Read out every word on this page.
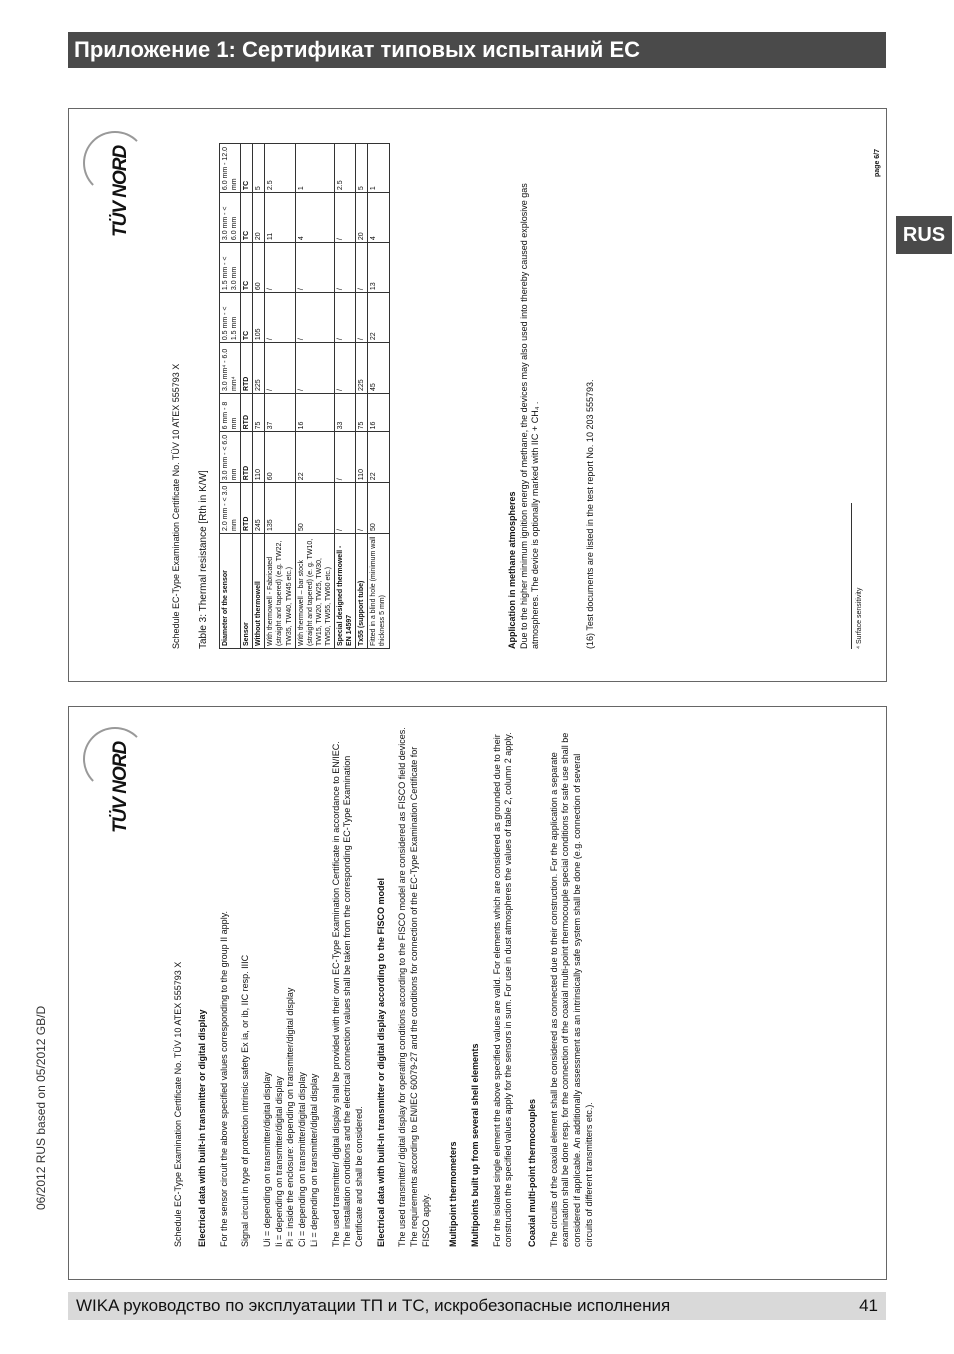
Приложение 1: Сертификат типовых испытаний ЕС
RUS
06/2012 RUS based on 05/2012 GB/D
TÜV NORD
Schedule EC-Type Examination Certificate No. TÜV 10 ATEX 555793 X Table 3: Thermal resistance [Rth in K/W] Diameter of the sensor	2.0 mm - < 3.0 mm	3.0 mm - < 6.0 mm	6 mm - 8 mm	3.0 mm⁴ - 6.0 mm⁴	0.5 mm - < 1.5 mm	1.5 mm - < 3.0 mm	3.0 mm - < 6.0 mm	6.0 mm - 12.0 mm
Sensor	RTD	RTD	RTD	RTD	TC	TC	TC	TC
Without thermowell	245	110	75	225	105	60	20	5
With thermowell - Fabricated (straight and tapered) (e.g. TW22, TW35, TW40, TW45 etc.)	135	60	37	/	/	/	11	2.5
With thermowell – bar stock (straight and tapered) (e. g. TW10, TW15, TW20, TW25, TW30, TW50, TW55, TW60 etc.)	50	22	16	/	/	/	4	1
Special designed thermowell - EN 14597	/	/	33	/	/	/	/	2.5
Tx55 (support tube)	/	110	75	225	/	/	20	5
Fitted in a blind hole (minimum wall thickness 5 mm)	50	22	16	45	22	13	4	1
Application in methane atmospheres Due to the higher minimum ignition energy of methane, the devices may also used into thereby caused explosive gas atmospheres. The device is optionally marked with IIC + CH₄ .	(16) Test documents are listed in the test report No. 10 203 555793.	⁴ Surface sensitivity
page 6/7
TÜV NORD
Schedule EC-Type Examination Certificate No. TÜV 10 ATEX 555793 X Electrical data with built-in transmitter or digital display For the sensor circuit the above specified values corresponding to the group II apply. Signal circuit in type of protection intrinsic safety Ex ia, or ib, IIC resp. IIIC Ui = depending on transmitter/digital display Ii = depending on transmitter/digital display Pi = inside the enclosure: depending on transmitter/digital display Ci = depending on transmitter/digital display Li = depending on transmitter/digital display The used transmitter/ digital display shall be provided with their own EC-Type Examination Certificate in accordance to EN/IEC. The installation conditions and the electrical connection values shall be taken from the corresponding EC-Type Examination Certificate and shall be considered. Electrical data with built-in transmitter or digital display according to the FISCO model The used transmitter/ digital display for operating conditions according to the FISCO model are considered as FISCO field devices. The requirements according to EN/IEC 60079-27 and the conditions for connection of the EC-Type Examination Certificate for FISCO apply. Multipoint thermometers Multipoints built up from several shell elements For the isolated single element the above specified values are valid. For elements which are considered as grounded due to their construction the specified values apply for the sensors in sum. For use in dust atmospheres the values of table 2, column 2 apply. Coaxial multi-point thermocouples The circuits of the coaxial element shall be considered as connected due to their construction. For the application a separate examination shall be done resp. for the connection of the coaxial multi-point thermocouple special conditions for safe use shall be considered if applicable. An additionally assessment as an intrinsically safe system shall be done (e.g. connection of several circuits of different transmitters etc.).
WIKA руководство по эксплуатации ТП и ТС, искробезопасные исполнения	41
